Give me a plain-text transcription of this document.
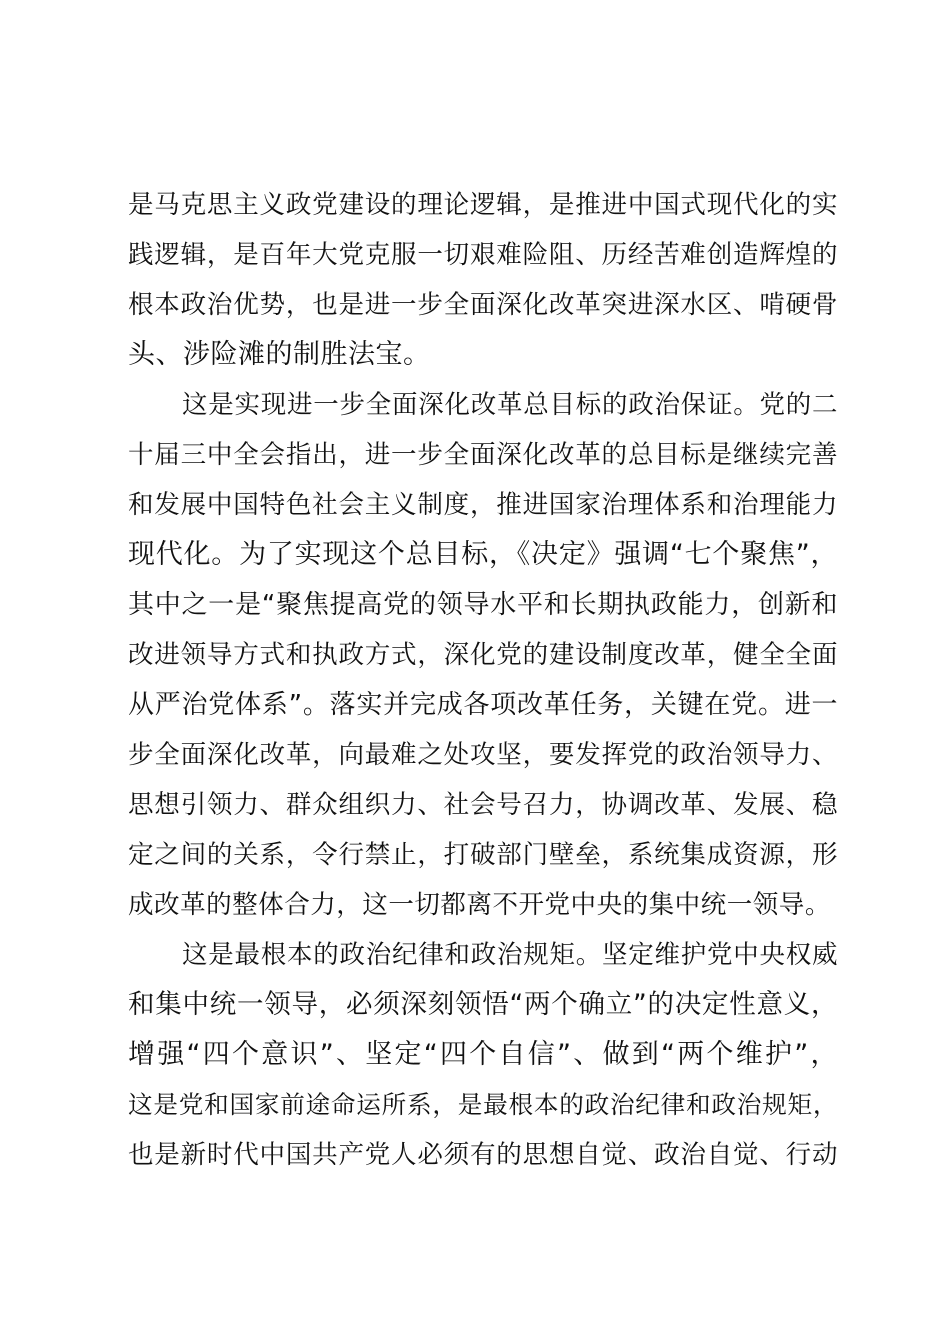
是马克思主义政党建设的理论逻辑，是推进中国式现代化的实
践逻辑，是百年大党克服一切艰难险阻、历经苦难创造辉煌的
根本政治优势，也是进一步全面深化改革突进深水区、啃硬骨
头、涉险滩的制胜法宝。
这是实现进一步全面深化改革总目标的政治保证。党的二
十届三中全会指出，进一步全面深化改革的总目标是继续完善
和发展中国特色社会主义制度，推进国家治理体系和治理能力
现代化。为了实现这个总目标，《决定》强调“七个聚焦”，
其中之一是“聚焦提高党的领导水平和长期执政能力，创新和
改进领导方式和执政方式，深化党的建设制度改革，健全全面
从严治党体系”。落实并完成各项改革任务，关键在党。进一
步全面深化改革，向最难之处攻坚，要发挥党的政治领导力、
思想引领力、群众组织力、社会号召力，协调改革、发展、稳
定之间的关系，令行禁止，打破部门壁垒，系统集成资源，形
成改革的整体合力，这一切都离不开党中央的集中统一领导。
这是最根本的政治纪律和政治规矩。坚定维护党中央权威
和集中统一领导，必须深刻领悟“两个确立”的决定性意义，
增强“四个意识”、坚定“四个自信”、做到“两个维护”，
这是党和国家前途命运所系，是最根本的政治纪律和政治规矩，
也是新时代中国共产党人必须有的思想自觉、政治自觉、行动
